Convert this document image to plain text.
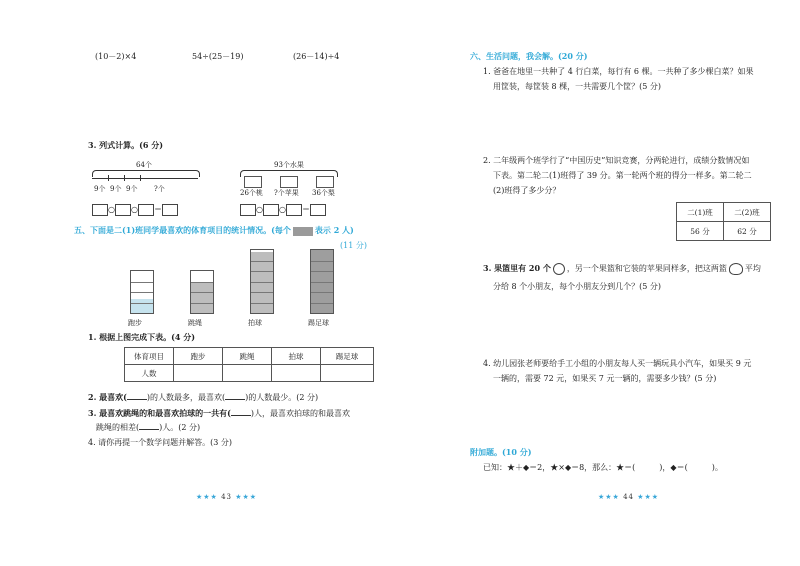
(10－2)×4	54÷(25－19)	(26－14)÷4
3. 列式计算。(6 分)
64个
9个 9个 9个 ?个
93个水果
26个桃 ?个苹果 36个梨
○ ○ ＝	○ ○ ＝
五、下面是二(1)班同学最喜欢的体育项目的统计情况。(每个	表示 2 人)
(11 分)
跑步	跳绳	拍球	踢足球
1. 根据上图完成下表。(4 分)
体育项目	跑步	跳绳	拍球	踢足球
人数				
2. 最喜欢(	)的人数最多，最喜欢(	)的人数最少。(2 分)
3. 最喜欢跳绳的和最喜欢拍球的一共有(	)人，最喜欢拍球的和最喜欢
跳绳的相差(	)人。(2 分)
4. 请你再提一个数学问题并解答。(3 分)
★★★ 43 ★★★
六、生活问题，我会解。(20 分)
1. 爸爸在地里一共种了 4 行白菜，每行有 6 棵。一共种了多少棵白菜？如果
用筐装，每筐装 8 棵，一共需要几个筐？(5 分)
2. 二年级两个班学行了“中国历史”知识竞赛，分两轮进行，成绩分数情况如
下表。第二轮二(1)班得了 39 分。第一轮两个班的得分一样多。第二轮二
(2)班得了多少分？
二(1)班	二(2)班
56 分	62 分
3. 果篮里有 20 个 ，另一个果篮和它装的苹果同样多，把这两篮 平均
分给 8 个小朋友，每个小朋友分到几个？(5 分)
4. 幼儿园张老师要给手工小组的小朋友每人买一辆玩具小汽车，如果买 9 元
一辆的，需要 72 元，如果买 7 元一辆的，需要多少钱？(5 分)
附加题。(10 分)
已知：★＋◆＝2，★×◆＝8，那么：★＝(　　　)，◆＝(　　　)。
★★★ 44 ★★★
